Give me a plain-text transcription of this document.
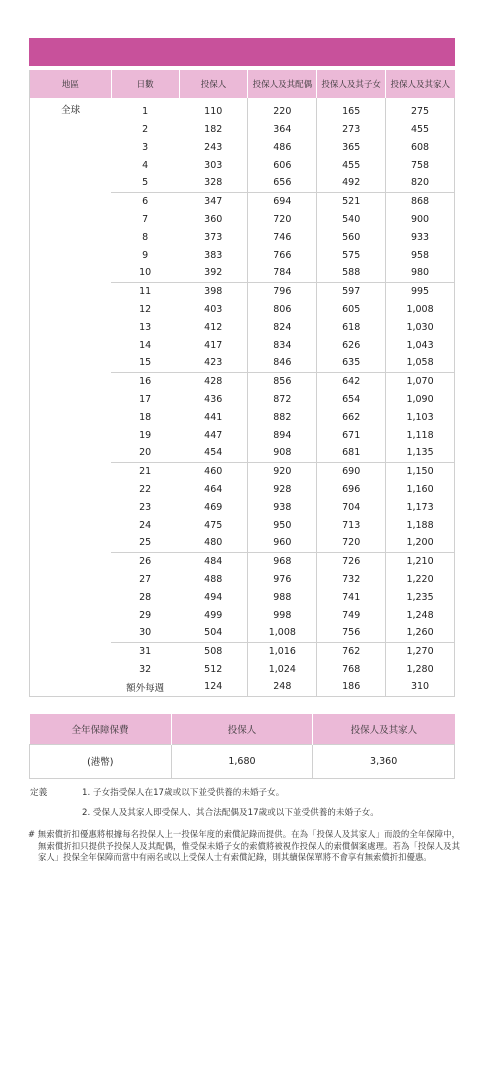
地區	日數	投保人	投保人及其配偶	投保人及其子女	投保人及其家人
全球	1	110	220	165	275
	2	182	364	273	455
	3	243	486	365	608
	4	303	606	455	758
	5	328	656	492	820
	6	347	694	521	868
	7	360	720	540	900
	8	373	746	560	933
	9	383	766	575	958
	10	392	784	588	980
	11	398	796	597	995
	12	403	806	605	1,008
	13	412	824	618	1,030
	14	417	834	626	1,043
	15	423	846	635	1,058
	16	428	856	642	1,070
	17	436	872	654	1,090
	18	441	882	662	1,103
	19	447	894	671	1,118
	20	454	908	681	1,135
	21	460	920	690	1,150
	22	464	928	696	1,160
	23	469	938	704	1,173
	24	475	950	713	1,188
	25	480	960	720	1,200
	26	484	968	726	1,210
	27	488	976	732	1,220
	28	494	988	741	1,235
	29	499	998	749	1,248
	30	504	1,008	756	1,260
	31	508	1,016	762	1,270
	32	512	1,024	768	1,280
	額外每週	124	248	186	310
全年保障保費	投保人	投保人及其家人
(港幣)	1,680	3,360
定義	1. 子女指受保人在17歲或以下並受供養的未婚子女。
2. 受保人及其家人即受保人、其合法配偶及17歲或以下並受供養的未婚子女。

# 無索償折扣優惠將根據每名投保人上一投保年度的索償記錄而提供。在為「投保人及其家人」而設的全年保障中，無索償折扣只提供予投保人及其配偶，惟受保未婚子女的索償將被視作投保人的索償個案處理。若為「投保人及其家人」投保全年保障而當中有兩名或以上受保人士有索償記錄，則其續保保單將不會享有無索償折扣優惠。
